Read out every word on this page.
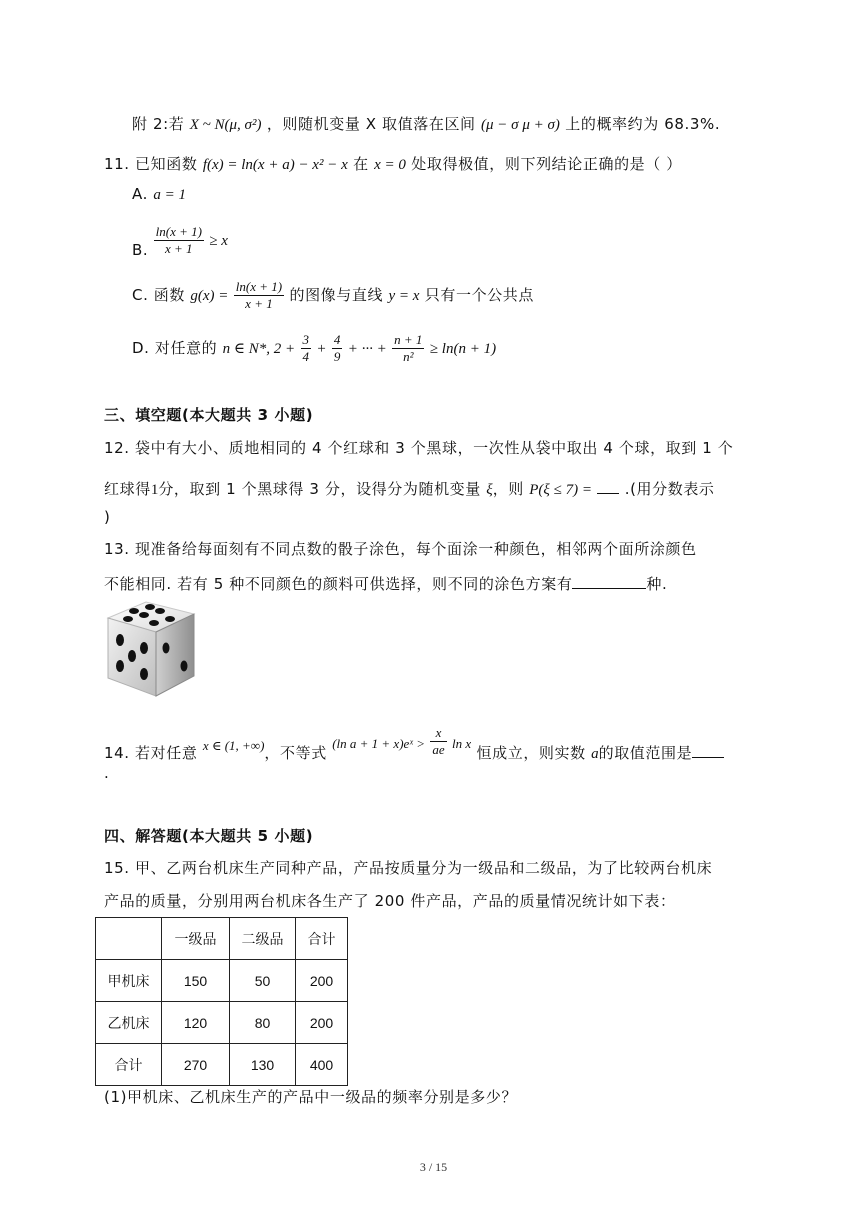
附 2:若 X ~ N(μ, σ²) ，则随机变量 X 取值落在区间 (μ − σ μ + σ) 上的概率约为 68.3%.
11. 已知函数 f(x) = ln(x + a) − x² − x 在 x = 0 处取得极值，则下列结论正确的是（ ）
A. a = 1
B. $\frac{\ln(x + 1)}{x + 1} \ge x$
C. 函数 $g(x) = \frac{\ln(x + 1)}{x + 1}$ 的图像与直线 y = x 只有一个公共点
D. 对任意的 n ∈ N*, $2 + \frac{3}{4} + \frac{4}{9}$ + ··· + $\frac{n + 1}{\text{n²}} \ge \ln(n + 1)$
三、填空题(本大题共 3 小题)
12. 袋中有大小、质地相同的 4 个红球和 3 个黑球，一次性从袋中取出 4 个球，取到 1 个
红球得1分，取到 1 个黑球得 3 分，设得分为随机变量 ξ，则 P(ξ ≤ 7) = .(用分数表示
)
13. 现准备给每面刻有不同点数的骰子涂色，每个面涂一种颜色，相邻两个面所涂颜色
不能相同. 若有 5 种不同颜色的颜料可供选择，则不同的涂色方案有	种.
14. 若对任意 x ∈ (1, +∞)，不等式 (ln a + 1 + x)eˣ > $\frac{x}{ae}$ ln x 恒成立，则实数 a的取值范围是
.
四、解答题(本大题共 5 小题)
15. 甲、乙两台机床生产同种产品，产品按质量分为一级品和二级品，为了比较两台机床
产品的质量，分别用两台机床各生产了 200 件产品，产品的质量情况统计如下表：
	一级品	二级品	合计
甲机床	150	50	200
乙机床	120	80	200
合计	270	130	400
(1)甲机床、乙机床生产的产品中一级品的频率分别是多少？
3 / 15
